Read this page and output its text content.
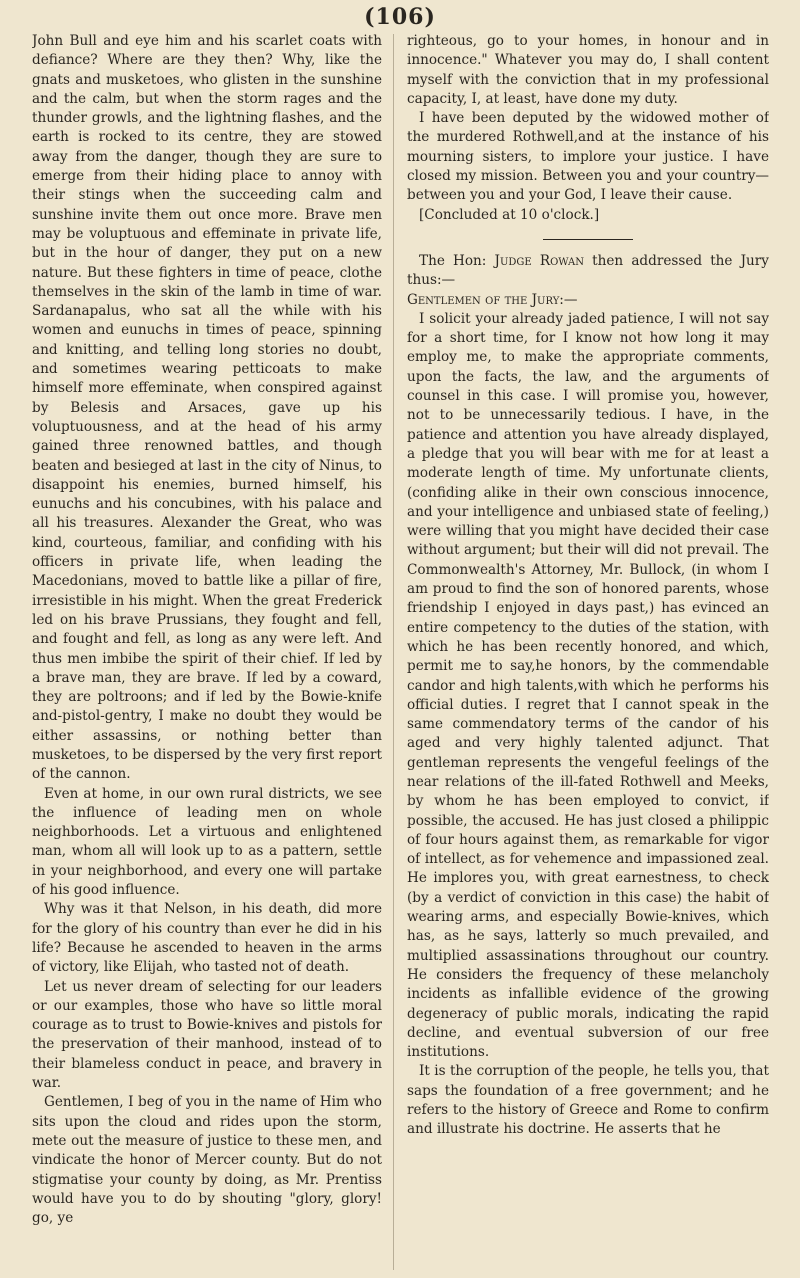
(106)

John Bull and eye him and his scarlet coats with defiance? Where are they then? Why, like the gnats and musketoes, who glisten in the sunshine and the calm, but when the storm rages and the thunder growls, and the lightning flashes, and the earth is rocked to its centre, they are stowed away from the danger, though they are sure to emerge from their hiding place to annoy with their stings when the succeeding calm and sunshine invite them out once more. Brave men may be voluptuous and effeminate in private life, but in the hour of danger, they put on a new nature. But these fighters in time of peace, clothe themselves in the skin of the lamb in time of war. Sardanapalus, who sat all the while with his women and eunuchs in times of peace, spinning and knitting, and telling long stories no doubt, and sometimes wearing petticoats to make himself more effeminate, when conspired against by Belesis and Arsaces, gave up his voluptuousness, and at the head of his army gained three renowned battles, and though beaten and besieged at last in the city of Ninus, to disappoint his enemies, burned himself, his eunuchs and his concubines, with his palace and all his treasures. Alexander the Great, who was kind, courteous, familiar, and confiding with his officers in private life, when leading the Macedonians, moved to battle like a pillar of fire, irresistible in his might. When the great Frederick led on his brave Prussians, they fought and fell, and fought and fell, as long as any were left. And thus men imbibe the spirit of their chief. If led by a brave man, they are brave. If led by a coward, they are poltroons; and if led by the Bowie-knife and-pistol-gentry, I make no doubt they would be either assassins, or nothing better than musketoes, to be dispersed by the very first report of the cannon.

Even at home, in our own rural districts, we see the influence of leading men on whole neighborhoods. Let a virtuous and enlightened man, whom all will look up to as a pattern, settle in your neighborhood, and every one will partake of his good influence.

Why was it that Nelson, in his death, did more for the glory of his country than ever he did in his life? Because he ascended to heaven in the arms of victory, like Elijah, who tasted not of death.

Let us never dream of selecting for our leaders or our examples, those who have so little moral courage as to trust to Bowie-knives and pistols for the preservation of their manhood, instead of to their blameless conduct in peace, and bravery in war.

Gentlemen, I beg of you in the name of Him who sits upon the cloud and rides upon the storm, mete out the measure of justice to these men, and vindicate the honor of Mercer county. But do not stigmatise your county by doing, as Mr. Prentiss would have you to do by shouting "glory, glory! go, ye

righteous, go to your homes, in honour and in innocence." Whatever you may do, I shall content myself with the conviction that in my professional capacity, I, at least, have done my duty.

I have been deputed by the widowed mother of the murdered Rothwell,and at the instance of his mourning sisters, to implore your justice. I have closed my mission. Between you and your country—between you and your God, I leave their cause.

[Concluded at 10 o'clock.]

The Hon: Judge Rowan then addressed the Jury thus:—

Gentlemen of the Jury:—

I solicit your already jaded patience, I will not say for a short time, for I know not how long it may employ me, to make the appropriate comments, upon the facts, the law, and the arguments of counsel in this case. I will promise you, however, not to be unnecessarily tedious. I have, in the patience and attention you have already displayed, a pledge that you will bear with me for at least a moderate length of time. My unfortunate clients, (confiding alike in their own conscious innocence, and your intelligence and unbiased state of feeling,) were willing that you might have decided their case without argument; but their will did not prevail. The Commonwealth's Attorney, Mr. Bullock, (in whom I am proud to find the son of honored parents, whose friendship I enjoyed in days past,) has evinced an entire competency to the duties of the station, with which he has been recently honored, and which, permit me to say,he honors, by the commendable candor and high talents,with which he performs his official duties. I regret that I cannot speak in the same commendatory terms of the candor of his aged and very highly talented adjunct. That gentleman represents the vengeful feelings of the near relations of the ill-fated Rothwell and Meeks, by whom he has been employed to convict, if possible, the accused. He has just closed a philippic of four hours against them, as remarkable for vigor of intellect, as for vehemence and impassioned zeal. He implores you, with great earnestness, to check (by a verdict of conviction in this case) the habit of wearing arms, and especially Bowie-knives, which has, as he says, latterly so much prevailed, and multiplied assassinations throughout our country. He considers the frequency of these melancholy incidents as infallible evidence of the growing degeneracy of public morals, indicating the rapid decline, and eventual subversion of our free institutions.

It is the corruption of the people, he tells you, that saps the foundation of a free government; and he refers to the history of Greece and Rome to confirm and illustrate his doctrine. He asserts that he
